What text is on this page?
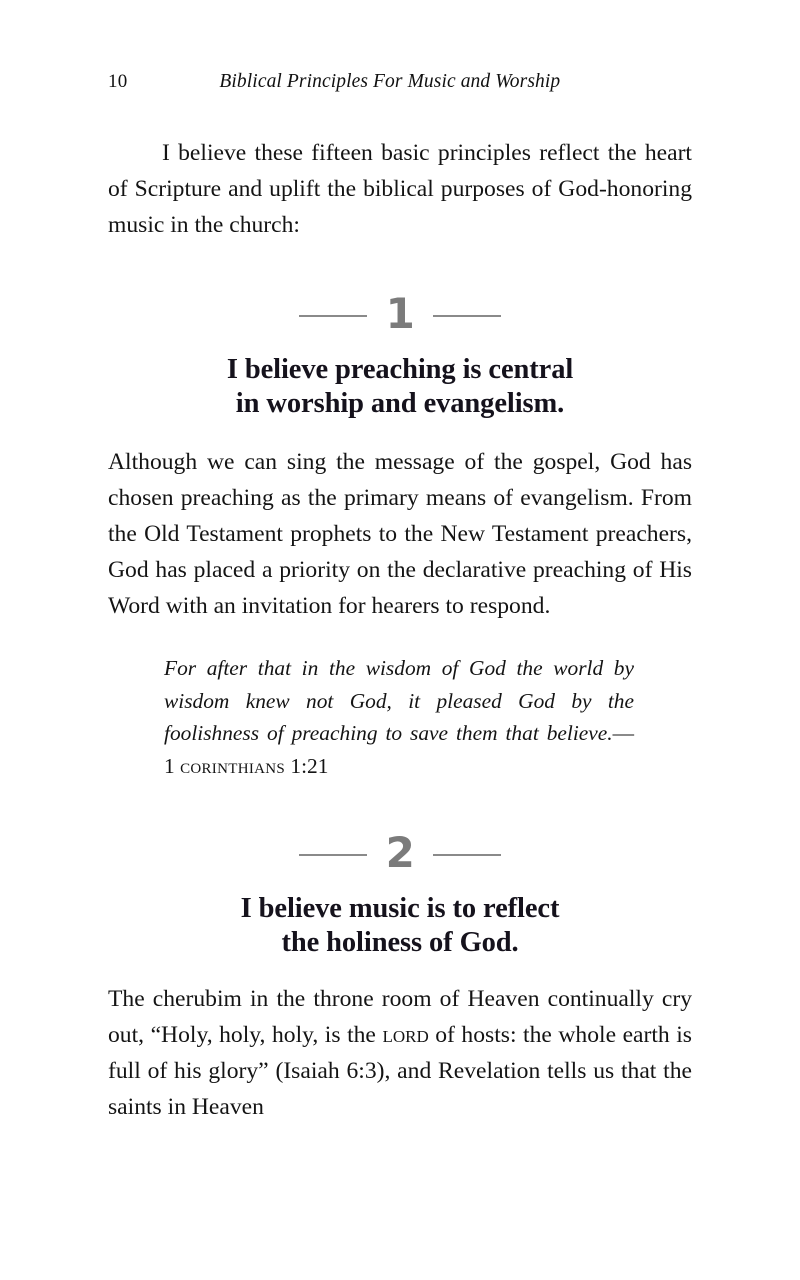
10	Biblical Principles For Music and Worship

I believe these fifteen basic principles reflect the heart of Scripture and uplift the biblical purposes of God-honoring music in the church:

1
I believe preaching is central
in worship and evangelism.

Although we can sing the message of the gospel, God has chosen preaching as the primary means of evangelism. From the Old Testament prophets to the New Testament preachers, God has placed a priority on the declarative preaching of His Word with an invitation for hearers to respond.

For after that in the wisdom of God the world by wisdom knew not God, it pleased God by the foolishness of preaching to save them that believe.—1 corinthians 1:21
2
I believe music is to reflect
the holiness of God.

The cherubim in the throne room of Heaven continually cry out, “Holy, holy, holy, is the lord of hosts: the whole earth is full of his glory” (Isaiah 6:3), and Revelation tells us that the saints in Heaven
